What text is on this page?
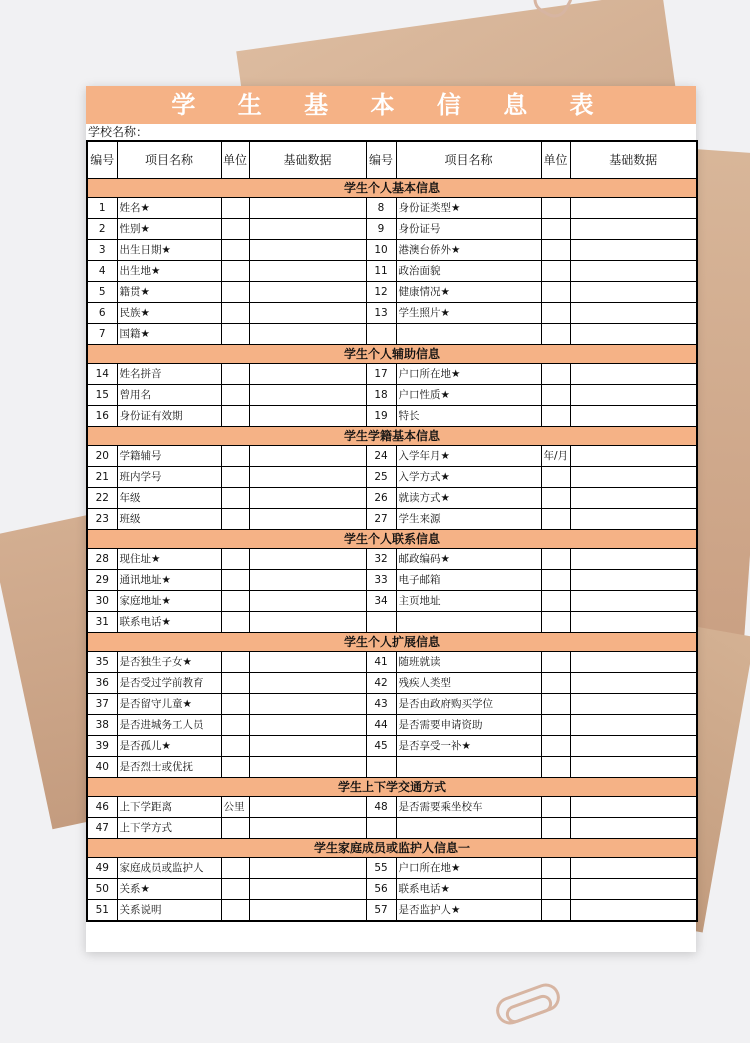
学 生 基 本 信 息 表
学校名称：
编号	项目名称	单位	基础数据	编号	项目名称	单位	基础数据
学生个人基本信息							
1	姓名★			8	身份证类型★		
2	性别★			9	身份证号		
3	出生日期★			10	港澳台侨外★		
4	出生地★			11	政治面貌		
5	籍贯★			12	健康情况★		
6	民族★			13	学生照片★		
7	国籍★						
学生个人辅助信息							
14	姓名拼音			17	户口所在地★		
15	曾用名			18	户口性质★		
16	身份证有效期			19	特长		
学生学籍基本信息							
20	学籍辅号			24	入学年月★	年/月	
21	班内学号			25	入学方式★		
22	年级			26	就读方式★		
23	班级			27	学生来源		
学生个人联系信息							
28	现住址★			32	邮政编码★		
29	通讯地址★			33	电子邮箱		
30	家庭地址★			34	主页地址		
31	联系电话★						
学生个人扩展信息							
35	是否独生子女★			41	随班就读		
36	是否受过学前教育			42	残疾人类型		
37	是否留守儿童★			43	是否由政府购买学位		
38	是否进城务工人员			44	是否需要申请资助		
39	是否孤儿★			45	是否享受一补★		
40	是否烈士或优抚						
学生上下学交通方式							
46	上下学距离	公里		48	是否需要乘坐校车		
47	上下学方式						
学生家庭成员或监护人信息一							
49	家庭成员或监护人			55	户口所在地★		
50	关系★			56	联系电话★		
51	关系说明			57	是否监护人★		
